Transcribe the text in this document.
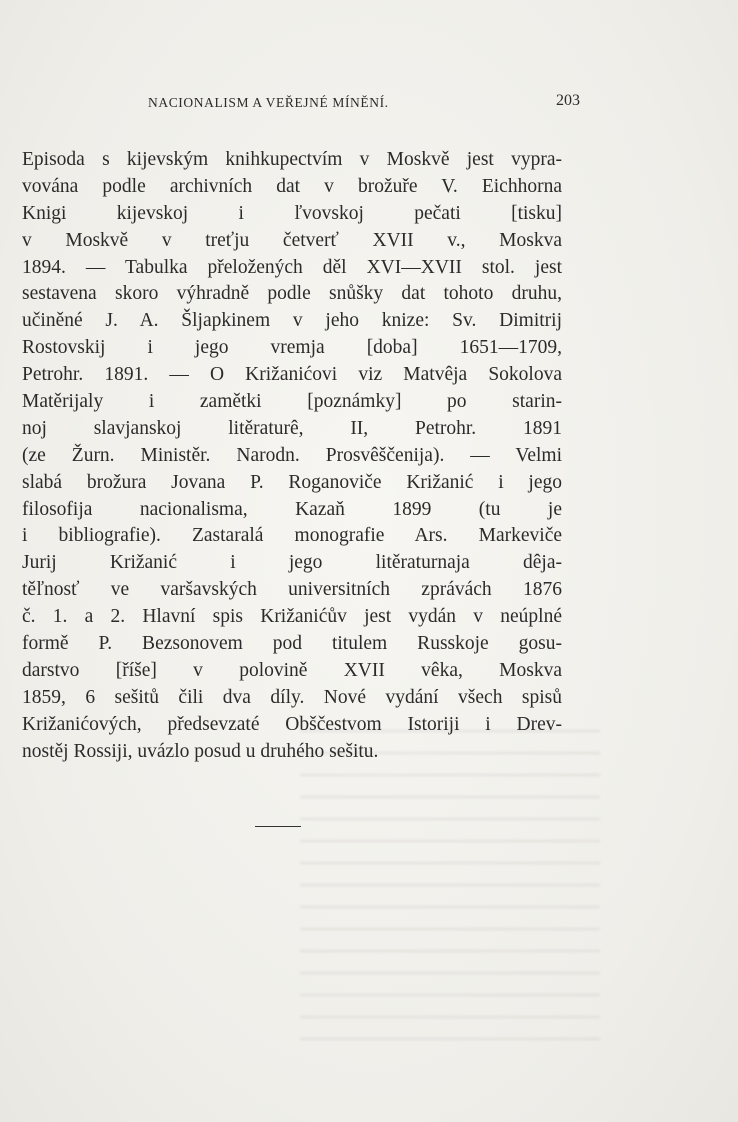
NACIONALISM A VEŘEJNÉ MÍNĚNÍ.	203
Episoda s kijevským knihkupectvím v Moskvě jest vypra-
vována podle archivních dat v brožuře V. Eichhorna
Knigi kijevskoj i ľvovskoj pečati [tisku]
v Moskvě v treťju četverť XVII v., Moskva
1894. — Tabulka přeložených děl XVI—XVII stol. jest
sestavena skoro výhradně podle snůšky dat tohoto druhu,
učiněné J. A. Šljapkinem v jeho knize: Sv. Dimitrij
Rostovskij i jego vremja [doba] 1651—1709,
Petrohr. 1891. — O Križanićovi viz Matvêja Sokolova
Matěrijaly i zamětki [poznámky] po starin-
noj slavjanskoj litěraturê, II, Petrohr. 1891
(ze Žurn. Ministěr. Narodn. Prosvêščenija). — Velmi
slabá brožura Jovana P. Roganoviče Križanić i jego
filosofija nacionalisma, Kazaň 1899 (tu je
i bibliografie). Zastaralá monografie Ars. Markeviče
Jurij Križanić i jego litěraturnaja dêja-
těľnosť ve varšavských universitních zprávách 1876
č. 1. a 2. Hlavní spis Križanićův jest vydán v neúplné
formě P. Bezsonovem pod titulem Russkoje gosu-
darstvo [říše] v polovině XVII vêka, Moskva
1859, 6 sešitů čili dva díly. Nové vydání všech spisů
Križanićových, předsevzaté Obščestvom Istoriji i Drev-
nostěj Rossiji, uvázlo posud u druhého sešitu.
